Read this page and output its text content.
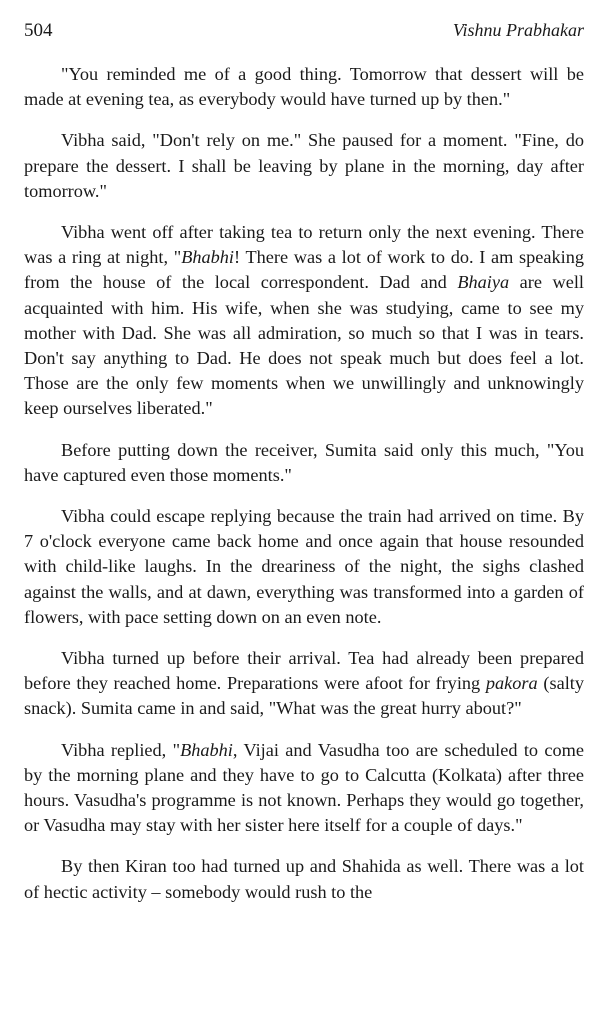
504	Vishnu Prabhakar

"You reminded me of a good thing. Tomorrow that dessert will be made at evening tea, as everybody would have turned up by then."

Vibha said, "Don't rely on me." She paused for a moment. "Fine, do prepare the dessert. I shall be leaving by plane in the morning, day after tomorrow."

Vibha went off after taking tea to return only the next evening. There was a ring at night, "Bhabhi! There was a lot of work to do. I am speaking from the house of the local correspondent. Dad and Bhaiya are well acquainted with him. His wife, when she was studying, came to see my mother with Dad. She was all admiration, so much so that I was in tears. Don't say anything to Dad. He does not speak much but does feel a lot. Those are the only few moments when we unwillingly and unknowingly keep ourselves liberated."

Before putting down the receiver, Sumita said only this much, "You have captured even those moments."

Vibha could escape replying because the train had arrived on time. By 7 o'clock everyone came back home and once again that house resounded with child-like laughs. In the dreariness of the night, the sighs clashed against the walls, and at dawn, everything was transformed into a garden of flowers, with pace setting down on an even note.

Vibha turned up before their arrival. Tea had already been prepared before they reached home. Preparations were afoot for frying pakora (salty snack). Sumita came in and said, "What was the great hurry about?"

Vibha replied, "Bhabhi, Vijai and Vasudha too are scheduled to come by the morning plane and they have to go to Calcutta (Kolkata) after three hours. Vasudha's programme is not known. Perhaps they would go together, or Vasudha may stay with her sister here itself for a couple of days."

By then Kiran too had turned up and Shahida as well. There was a lot of hectic activity – somebody would rush to the
